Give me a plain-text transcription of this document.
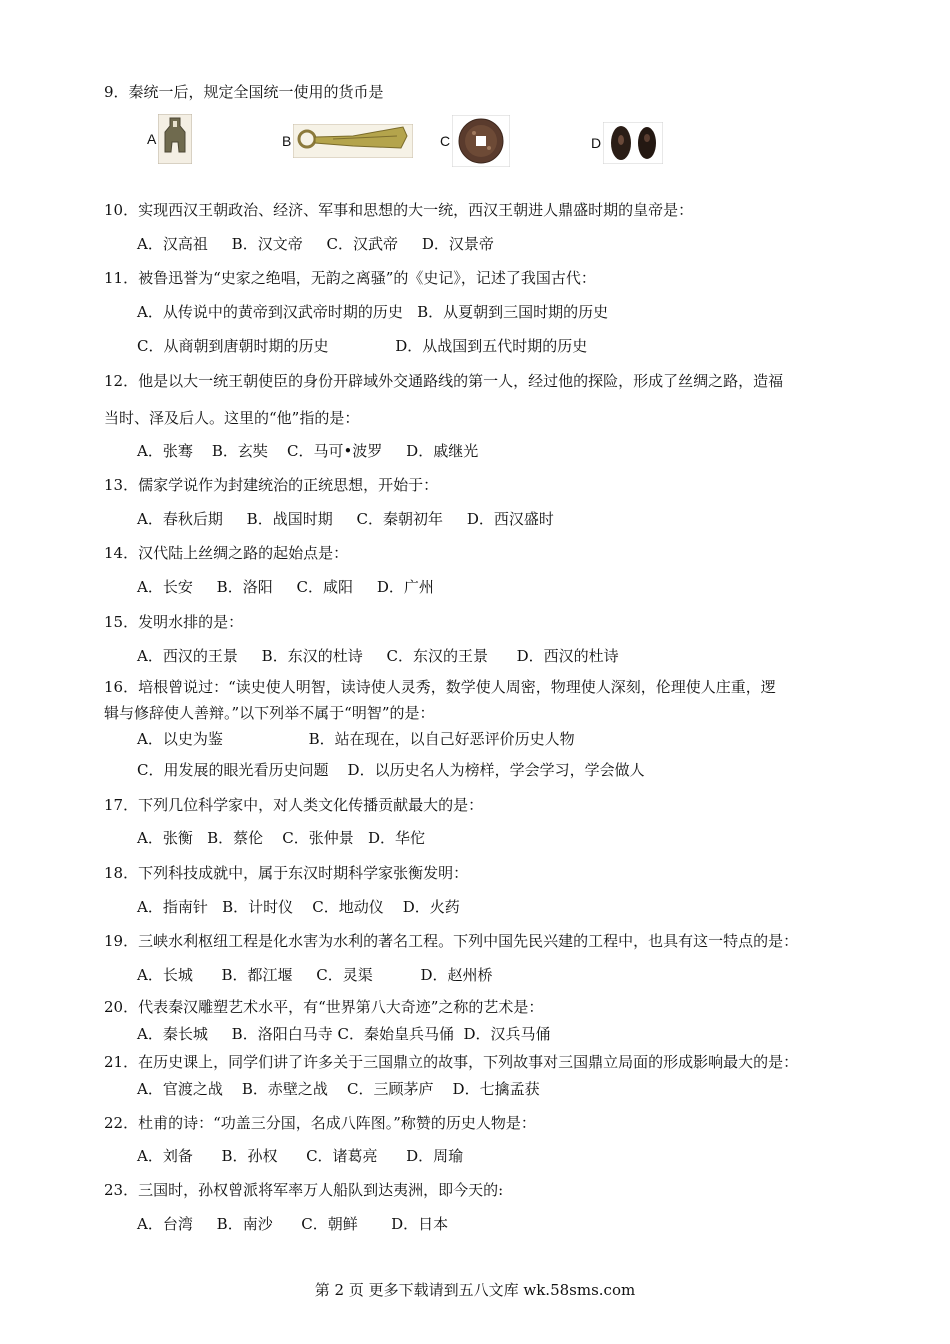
9．秦统一后，规定全国统一使用的货币是
A	B	C	D
10．实现西汉王朝政治、经济、军事和思想的大一统，西汉王朝进人鼎盛时期的皇帝是：
A．汉高祖     B．汉文帝     C．汉武帝     D．汉景帝
11．被鲁迅誉为“史家之绝唱，无韵之离骚”的《史记》，记述了我国古代：
A．从传说中的黄帝到汉武帝时期的历史   B．从夏朝到三国时期的历史
C．从商朝到唐朝时期的历史              D．从战国到五代时期的历史
12．他是以大一统王朝使臣的身份开辟域外交通路线的第一人，经过他的探险，形成了丝绸之路，造福
当时、泽及后人。这里的“他”指的是：
A．张骞    B．玄奘    C．马可•波罗     D．戚继光
13．儒家学说作为封建统治的正统思想，开始于：
A．春秋后期     B．战国时期     C．秦朝初年     D．西汉盛时
14．汉代陆上丝绸之路的起始点是：
A．长安     B．洛阳     C．咸阳     D．广州
15．发明水排的是：
A．西汉的王景     B．东汉的杜诗     C．东汉的王景      D．西汉的杜诗
16．培根曾说过：“读史使人明智，读诗使人灵秀，数学使人周密，物理使人深刻，伦理使人庄重，逻
辑与修辞使人善辩。”以下列举不属于“明智”的是：
A．以史为鉴                  B．站在现在，以自己好恶评价历史人物
C．用发展的眼光看历史问题    D．以历史名人为榜样，学会学习，学会做人
17．下列几位科学家中，对人类文化传播贡献最大的是：
A．张衡   B．蔡伦    C．张仲景   D．华佗
18．下列科技成就中，属于东汉时期科学家张衡发明：
A．指南针   B．计时仪    C．地动仪    D．火药
19．三峡水利枢纽工程是化水害为水利的著名工程。下列中国先民兴建的工程中，也具有这一特点的是：
A．长城      B．都江堰     C．灵渠          D．赵州桥
20．代表秦汉雕塑艺术水平，有“世界第八大奇迹”之称的艺术是：
A．秦长城     B．洛阳白马寺 C．秦始皇兵马俑  D．汉兵马俑
21．在历史课上，同学们讲了许多关于三国鼎立的故事，下列故事对三国鼎立局面的形成影响最大的是：
A．官渡之战    B．赤壁之战    C．三顾茅庐    D．七擒孟获
22．杜甫的诗：“功盖三分国，名成八阵图。”称赞的历史人物是：
A．刘备      B．孙权      C．诸葛亮      D．周瑜
23．三国时，孙权曾派将军率万人船队到达夷洲，即今天的:
A．台湾     B．南沙      C．朝鲜       D．日本
第 2 页 更多下载请到五八文库 wk.58sms.com
